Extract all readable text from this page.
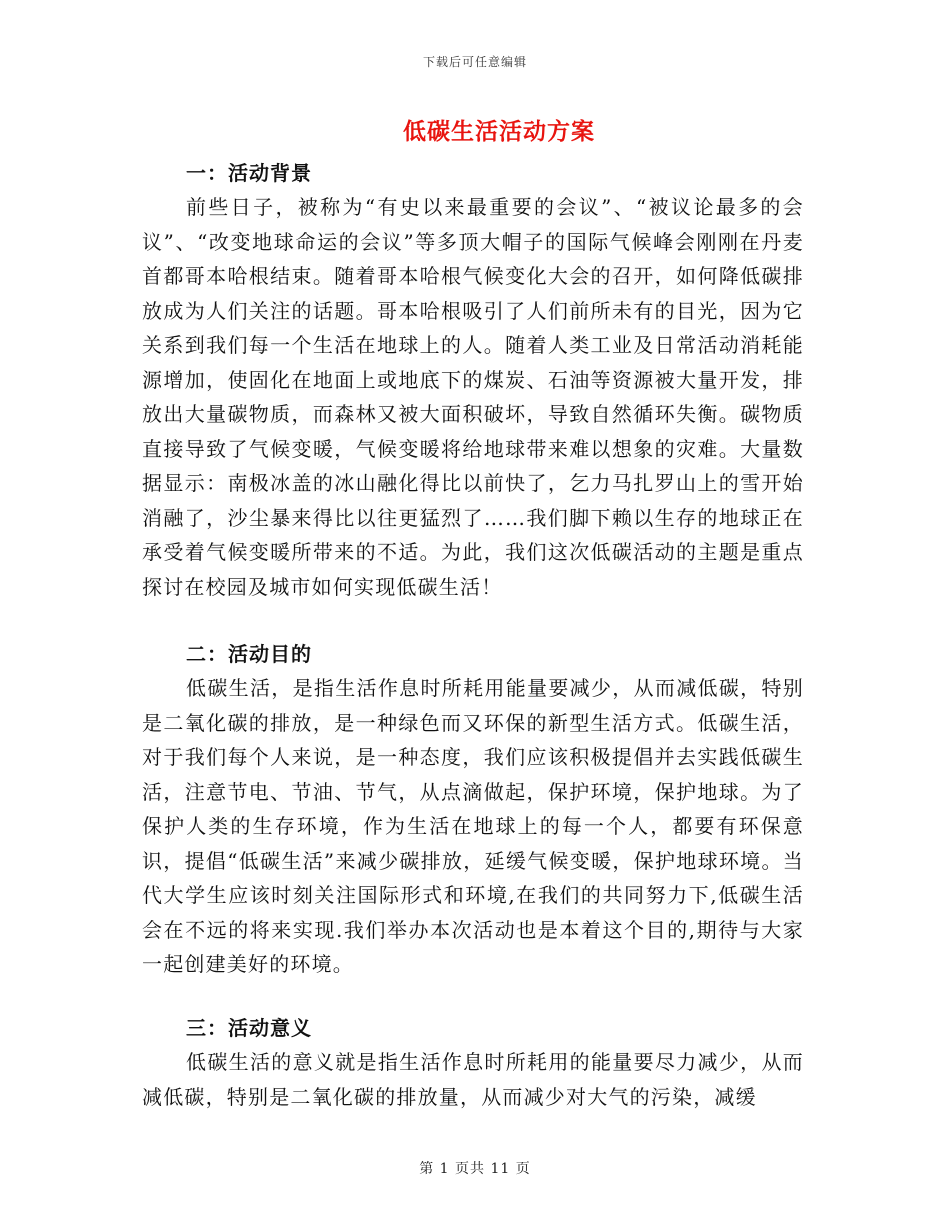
下载后可任意编辑
低碳生活活动方案
一：活动背景
前些日子，被称为“有史以来最重要的会议”、“被议论最多的会议”、“改变地球命运的会议”等多顶大帽子的国际气候峰会刚刚在丹麦首都哥本哈根结束。随着哥本哈根气候变化大会的召开，如何降低碳排放成为人们关注的话题。哥本哈根吸引了人们前所未有的目光，因为它关系到我们每一个生活在地球上的人。随着人类工业及日常活动消耗能源增加，使固化在地面上或地底下的煤炭、石油等资源被大量开发，排放出大量碳物质，而森林又被大面积破坏，导致自然循环失衡。碳物质直接导致了气候变暖，气候变暖将给地球带来难以想象的灾难。大量数据显示：南极冰盖的冰山融化得比以前快了，乞力马扎罗山上的雪开始消融了，沙尘暴来得比以往更猛烈了……我们脚下赖以生存的地球正在承受着气候变暖所带来的不适。为此，我们这次低碳活动的主题是重点探讨在校园及城市如何实现低碳生活！
二：活动目的
低碳生活，是指生活作息时所耗用能量要减少，从而减低碳，特别是二氧化碳的排放，是一种绿色而又环保的新型生活方式。低碳生活，对于我们每个人来说，是一种态度，我们应该积极提倡并去实践低碳生活，注意节电、节油、节气，从点滴做起，保护环境，保护地球。为了保护人类的生存环境，作为生活在地球上的每一个人，都要有环保意识，提倡“低碳生活”来减少碳排放，延缓气候变暖，保护地球环境。当代大学生应该时刻关注国际形式和环境,在我们的共同努力下,低碳生活会在不远的将来实现.我们举办本次活动也是本着这个目的,期待与大家一起创建美好的环境。
三：活动意义
低碳生活的意义就是指生活作息时所耗用的能量要尽力减少，从而减低碳，特别是二氧化碳的排放量，从而减少对大气的污染，减缓
第 1 页共 11 页
